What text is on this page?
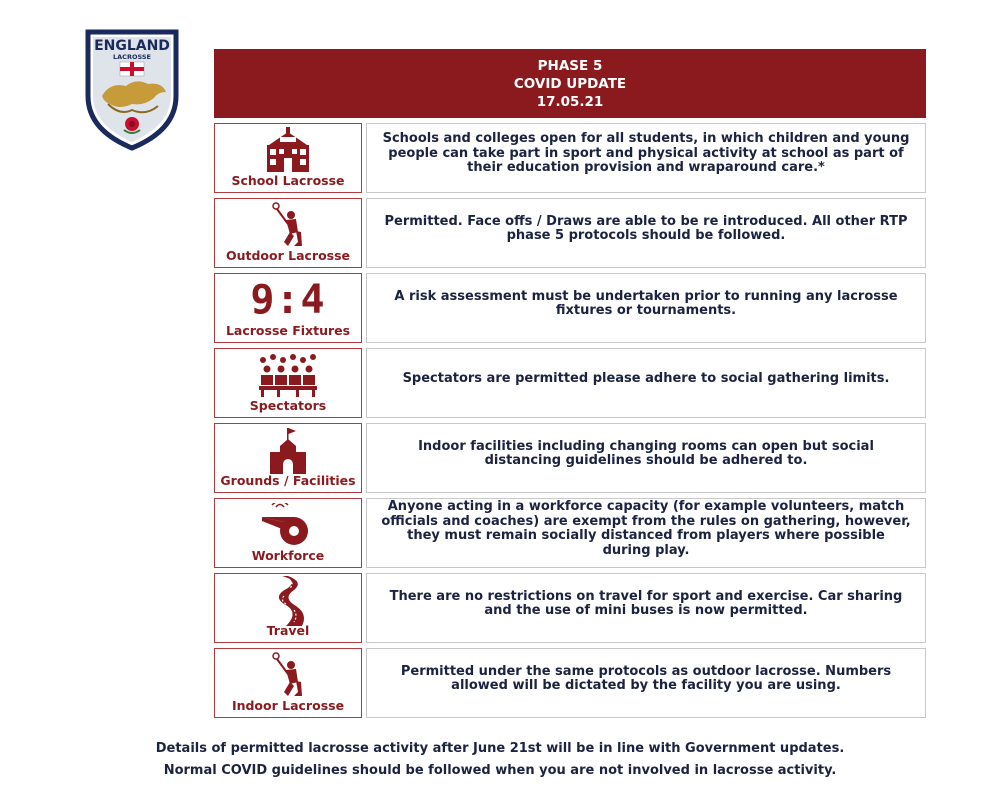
ENGLAND
LACROSSE
PHASE 5
COVID UPDATE
17.05.21
School Lacrosse
Schools and colleges open for all students, in which children and young people can take part in sport and physical activity at school as part of their education provision and wraparound care.*
Outdoor Lacrosse
Permitted. Face offs / Draws are able to be re introduced. All other RTP phase 5 protocols should be followed.
9:4
Lacrosse Fixtures
A risk assessment must be undertaken prior to running any lacrosse fixtures or tournaments.
Spectators
Spectators are permitted please adhere to social gathering limits.
Grounds / Facilities
Indoor facilities including changing rooms can open but social distancing guidelines should be adhered to.
Workforce
Anyone acting in a workforce capacity (for example volunteers, match officials and coaches) are exempt from the rules on gathering, however, they must remain socially distanced from players where possible during play.
Travel
There are no restrictions on travel for sport and exercise. Car sharing and the use of mini buses is now permitted.
Indoor Lacrosse
Permitted under the same protocols as outdoor lacrosse. Numbers allowed will be dictated by the facility you are using.
Details of permitted lacrosse activity after June 21st will be in line with Government updates.
Normal COVID guidelines should be followed when you are not involved in lacrosse activity.
